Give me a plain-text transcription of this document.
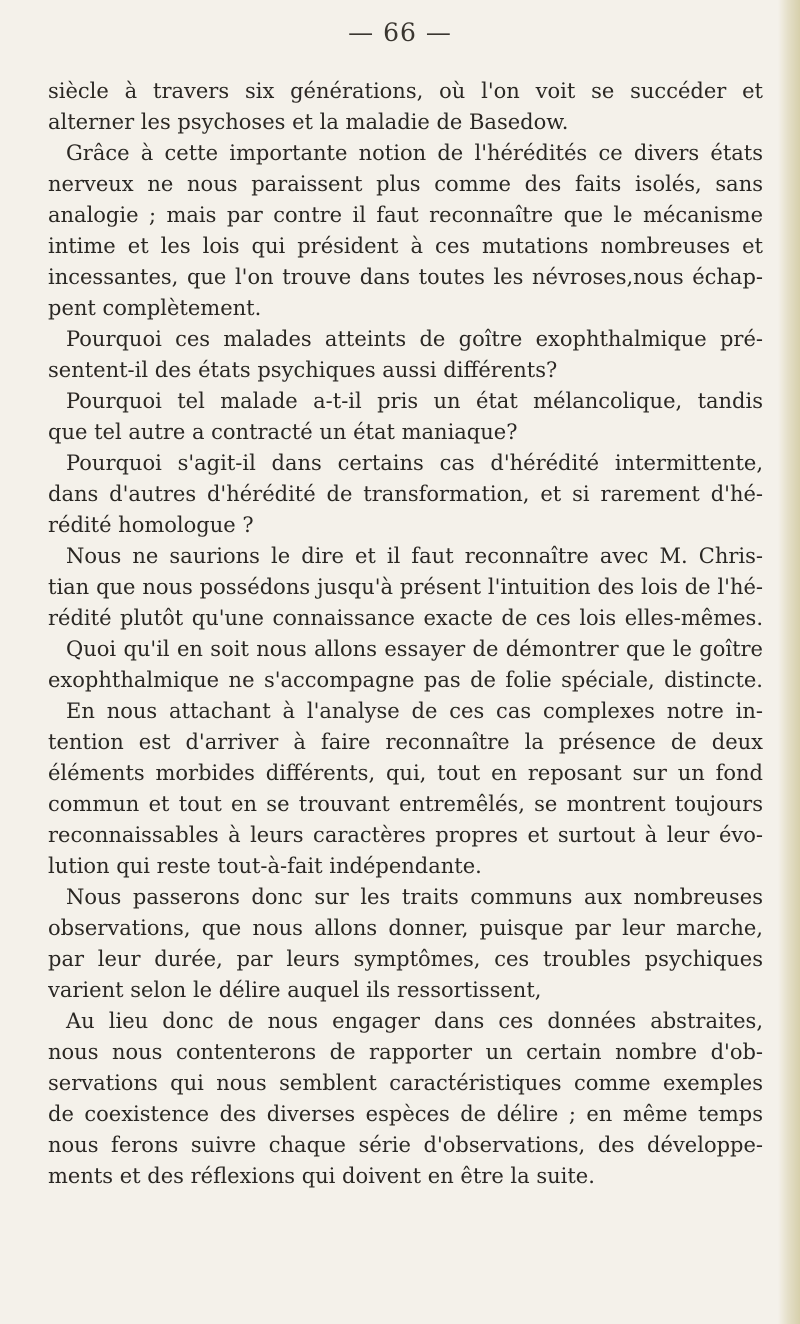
— 66 —
siècle à travers six générations, où l'on voit se succéder et
alterner les psychoses et la maladie de Basedow.
Grâce à cette importante notion de l'hérédités ce divers états
nerveux ne nous paraissent plus comme des faits isolés, sans
analogie ; mais par contre il faut reconnaître que le mécanisme
intime et les lois qui président à ces mutations nombreuses et
incessantes, que l'on trouve dans toutes les névroses,nous échap-
pent complètement.
Pourquoi ces malades atteints de goître exophthalmique pré-
sentent-il des états psychiques aussi différents?
Pourquoi tel malade a-t-il pris un état mélancolique, tandis
que tel autre a contracté un état maniaque?
Pourquoi s'agit-il dans certains cas d'hérédité intermittente,
dans d'autres d'hérédité de transformation, et si rarement d'hé-
rédité homologue ?
Nous ne saurions le dire et il faut reconnaître avec M. Chris-
tian que nous possédons jusqu'à présent l'intuition des lois de l'hé-
rédité plutôt qu'une connaissance exacte de ces lois elles-mêmes.
Quoi qu'il en soit nous allons essayer de démontrer que le goître
exophthalmique ne s'accompagne pas de folie spéciale, distincte.
En nous attachant à l'analyse de ces cas complexes notre in-
tention est d'arriver à faire reconnaître la présence de deux
éléments morbides différents, qui, tout en reposant sur un fond
commun et tout en se trouvant entremêlés, se montrent toujours
reconnaissables à leurs caractères propres et surtout à leur évo-
lution qui reste tout-à-fait indépendante.
Nous passerons donc sur les traits communs aux nombreuses
observations, que nous allons donner, puisque par leur marche,
par leur durée, par leurs symptômes, ces troubles psychiques
varient selon le délire auquel ils ressortissent,
Au lieu donc de nous engager dans ces données abstraites,
nous nous contenterons de rapporter un certain nombre d'ob-
servations qui nous semblent caractéristiques comme exemples
de coexistence des diverses espèces de délire ; en même temps
nous ferons suivre chaque série d'observations, des développe-
ments et des réflexions qui doivent en être la suite.
